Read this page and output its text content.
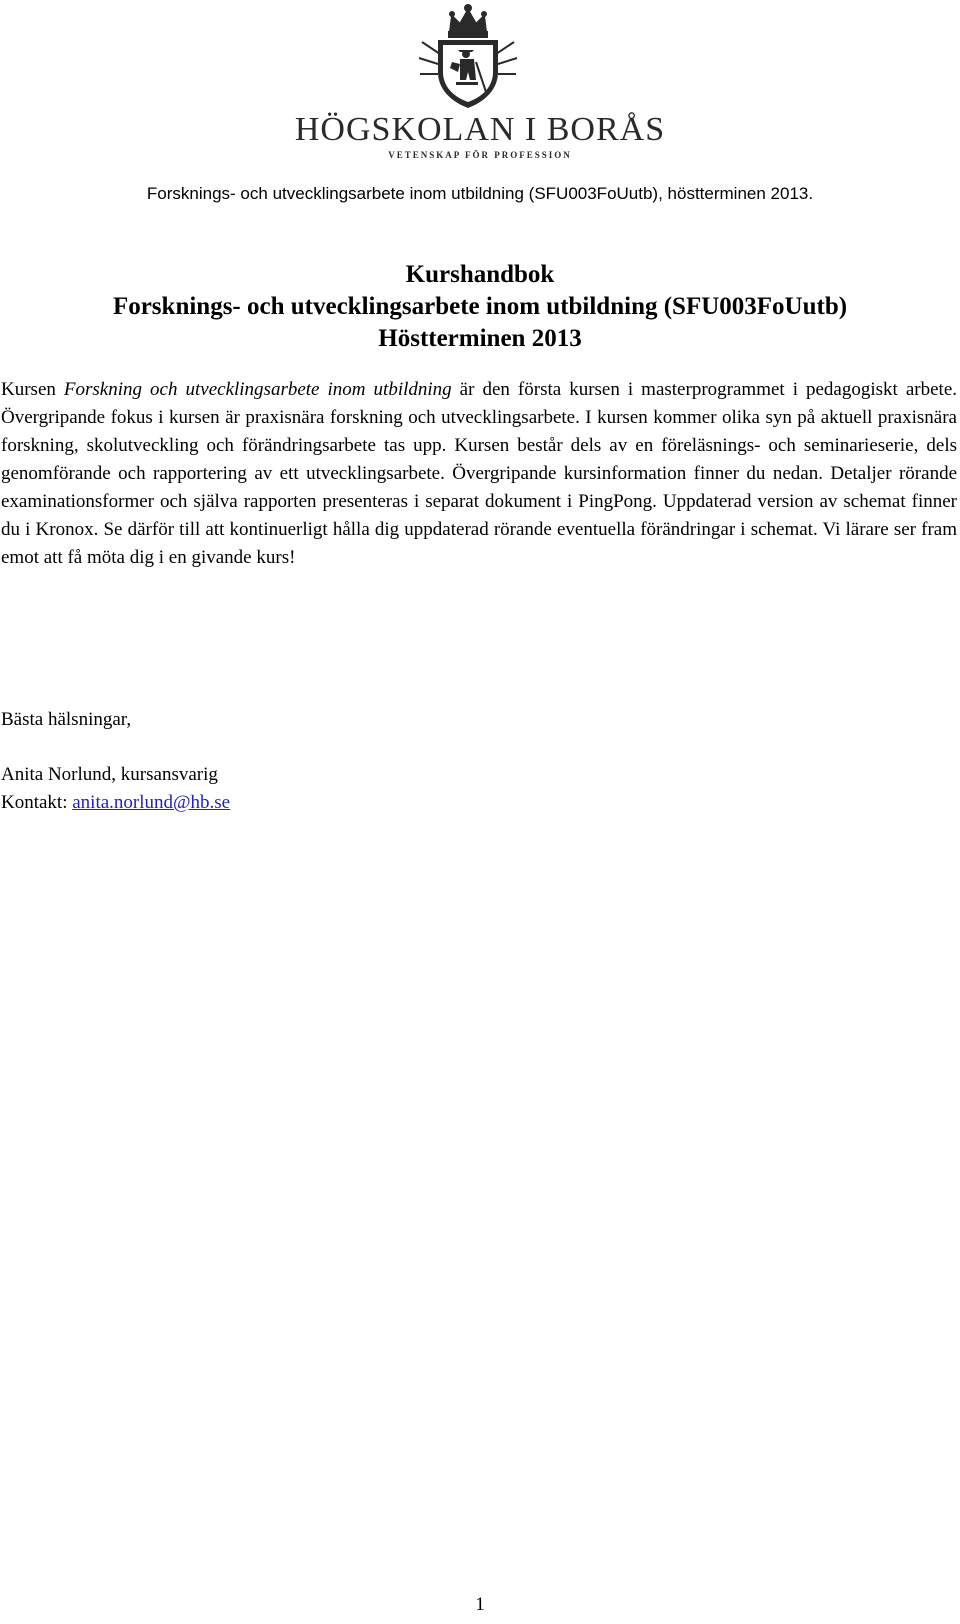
HÖGSKOLAN I BORÅS
VETENSKAP FÖR PROFESSION
Forsknings- och utvecklingsarbete inom utbildning (SFU003FoUutb), höstterminen 2013.
Kurshandbok
Forsknings- och utvecklingsarbete inom utbildning (SFU003FoUutb)
Höstterminen 2013
Kursen Forskning och utvecklingsarbete inom utbildning är den första kursen i masterprogrammet i pedagogiskt arbete. Övergripande fokus i kursen är praxisnära forskning och utvecklingsarbete. I kursen kommer olika syn på aktuell praxisnära forskning, skolutveckling och förändringsarbete tas upp. Kursen består dels av en föreläsnings- och seminarieserie, dels genomförande och rapportering av ett utvecklingsarbete. Övergripande kursinformation finner du nedan. Detaljer rörande examinationsformer och själva rapporten presenteras i separat dokument i PingPong. Uppdaterad version av schemat finner du i Kronox. Se därför till att kontinuerligt hålla dig uppdaterad rörande eventuella förändringar i schemat. Vi lärare ser fram emot att få möta dig i en givande kurs!
Bästa hälsningar,
Anita Norlund, kursansvarig
Kontakt: anita.norlund@hb.se
1
